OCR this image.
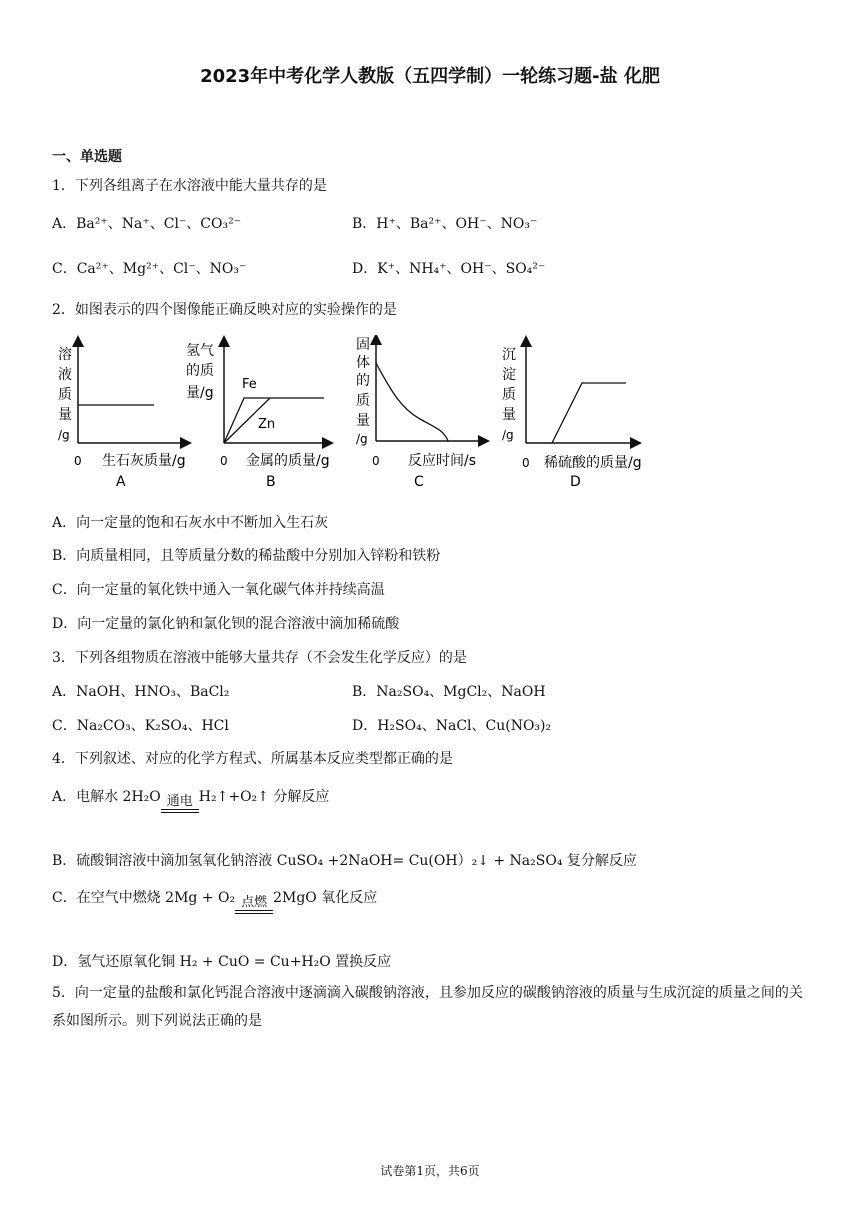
2023年中考化学人教版（五四学制）一轮练习题-盐 化肥
一、单选题
1．下列各组离子在水溶液中能大量共存的是
A．Ba²⁺、Na⁺、Cl⁻、CO₃²⁻	B．H⁺、Ba²⁺、OH⁻、NO₃⁻
C．Ca²⁺、Mg²⁺、Cl⁻、NO₃⁻	D．K⁺、NH₄⁺、OH⁻、SO₄²⁻
2．如图表示的四个图像能正确反映对应的实验操作的是
溶
液
质
量
/g
0 生石灰质量/g
A
氢气
的质
量/g
Fe
Zn
0 金属的质量/g
B
固
体
的
质
量
/g
0 反应时间/s
C
沉
淀
质
量
/g
0 稀硫酸的质量/g
D
A．向一定量的饱和石灰水中不断加入生石灰
B．向质量相同，且等质量分数的稀盐酸中分别加入锌粉和铁粉
C．向一定量的氧化铁中通入一氧化碳气体并持续高温
D．向一定量的氯化钠和氯化钡的混合溶液中滴加稀硫酸
3．下列各组物质在溶液中能够大量共存（不会发生化学反应）的是
A．NaOH、HNO₃、BaCl₂	B．Na₂SO₄、MgCl₂、NaOH
C．Na₂CO₃、K₂SO₄、HCl	D．H₂SO₄、NaCl、Cu(NO₃)₂
4．下列叙述、对应的化学方程式、所属基本反应类型都正确的是
A．电解水 2H₂O 通电 H₂↑+O₂↑ 分解反应
B．硫酸铜溶液中滴加氢氧化钠溶液 CuSO₄ +2NaOH= Cu(OH）₂↓ + Na₂SO₄ 复分解反应
C．在空气中燃烧 2Mg + O₂ 点燃 2MgO 氧化反应
D．氢气还原氧化铜 H₂ + CuO = Cu+H₂O 置换反应
5．向一定量的盐酸和氯化钙混合溶液中逐滴滴入碳酸钠溶液，且参加反应的碳酸钠溶液的质量与生成沉淀的质量之间的关系如图所示。则下列说法正确的是
试卷第1页，共6页
